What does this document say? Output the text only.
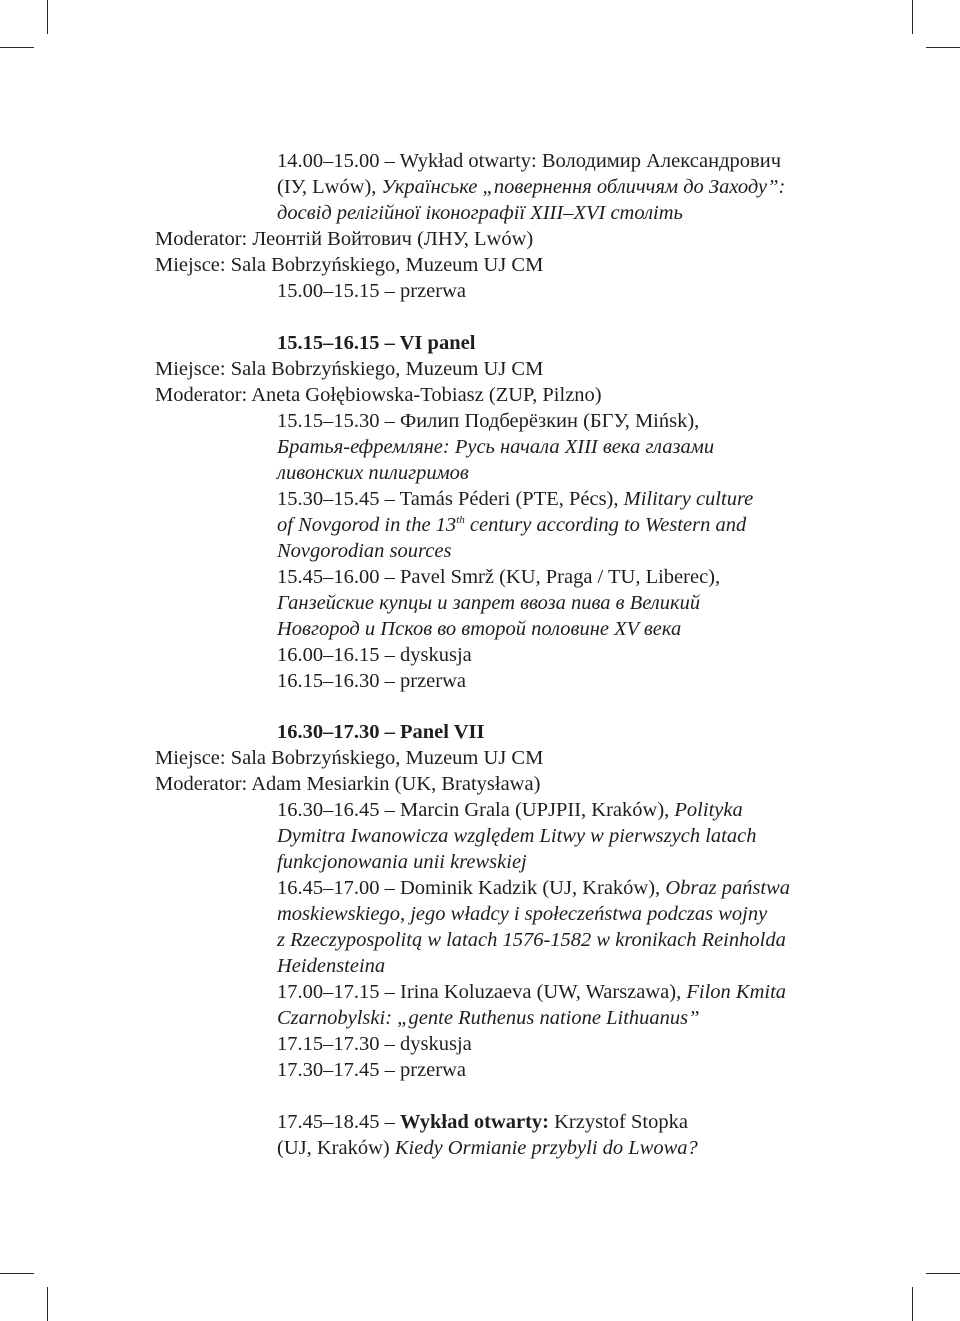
14.00–15.00 – Wykład otwarty: Володимир Александрович
(ІУ, Lwów), Українське „повернення обличчям до Заходу”:
досвід релігійної іконографії XIII–XVI століть
Moderator: Леонтій Войтович (ЛНУ, Lwów)
Miejsce: Sala Bobrzyńskiego, Muzeum UJ CM
15.00–15.15 – przerwa
15.15–16.15 – VI panel
Miejsce: Sala Bobrzyńskiego, Muzeum UJ CM
Moderator: Aneta Gołębiowska-Tobiasz (ZUP, Pilzno)
15.15–15.30 – Филип Подберёзкин (БГУ, Mińsk),
Братья-ефремляне: Русь начала XIII века глазами
ливонских пилигримов
15.30–15.45 – Tamás Péderi (PTE, Pécs), Military culture
of Novgorod in the 13th century according to Western and
Novgorodian sources
15.45–16.00 – Pavel Smrž (KU, Praga / TU, Liberec),
Ганзейские купцы и запрет ввоза пива в Великий
Новгород и Псков во второй половине XV века
16.00–16.15 – dyskusja
16.15–16.30 – przerwa
16.30–17.30 – Panel VII
Miejsce: Sala Bobrzyńskiego, Muzeum UJ CM
Moderator: Adam Mesiarkin (UK, Bratysława)
16.30–16.45 – Marcin Grala (UPJPII, Kraków), Polityka
Dymitra Iwanowicza względem Litwy w pierwszych latach
funkcjonowania unii krewskiej
16.45–17.00 – Dominik Kadzik (UJ, Kraków), Obraz państwa
moskiewskiego, jego władcy i społeczeństwa podczas wojny
z Rzeczypospolitą w latach 1576-1582 w kronikach Reinholda
Heidensteina
17.00–17.15 – Irina Koluzaeva (UW, Warszawa), Filon Kmita
Czarnobylski: „gente Ruthenus natione Lithuanus”
17.15–17.30 – dyskusja
17.30–17.45 – przerwa
17.45–18.45 – Wykład otwarty: Krzystof Stopka
(UJ, Kraków) Kiedy Ormianie przybyli do Lwowa?
